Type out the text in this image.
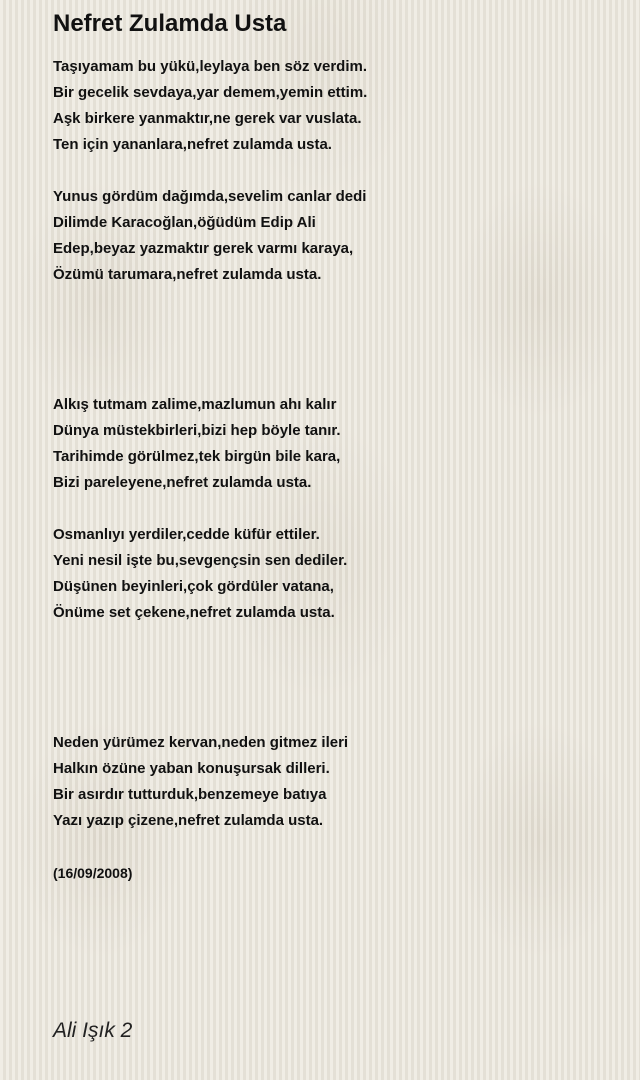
Nefret Zulamda Usta
Taşıyamam bu yükü,leylaya ben söz verdim.
Bir gecelik sevdaya,yar demem,yemin ettim.
Aşk birkere yanmaktır,ne gerek var vuslata.
Ten için yananlara,nefret zulamda usta.
Yunus gördüm dağımda,sevelim canlar dedi
Dilimde Karacoğlan,öğüdüm Edip Ali
Edep,beyaz yazmaktır gerek varmı karaya,
Özümü tarumara,nefret zulamda usta.
Alkış tutmam zalime,mazlumun ahı kalır
Dünya müstekbirleri,bizi hep böyle tanır.
Tarihimde görülmez,tek birgün bile kara,
Bizi pareleyene,nefret zulamda usta.
Osmanlıyı yerdiler,cedde küfür ettiler.
Yeni nesil işte bu,sevgençsin sen dediler.
Düşünen beyinleri,çok gördüler vatana,
Önüme set çekene,nefret zulamda usta.
Neden yürümez kervan,neden gitmez ileri
Halkın özüne yaban konuşursak dilleri.
Bir asırdır tutturduk,benzemeye batıya
Yazı yazıp çizene,nefret zulamda usta.
(16/09/2008)
Ali Işık 2
